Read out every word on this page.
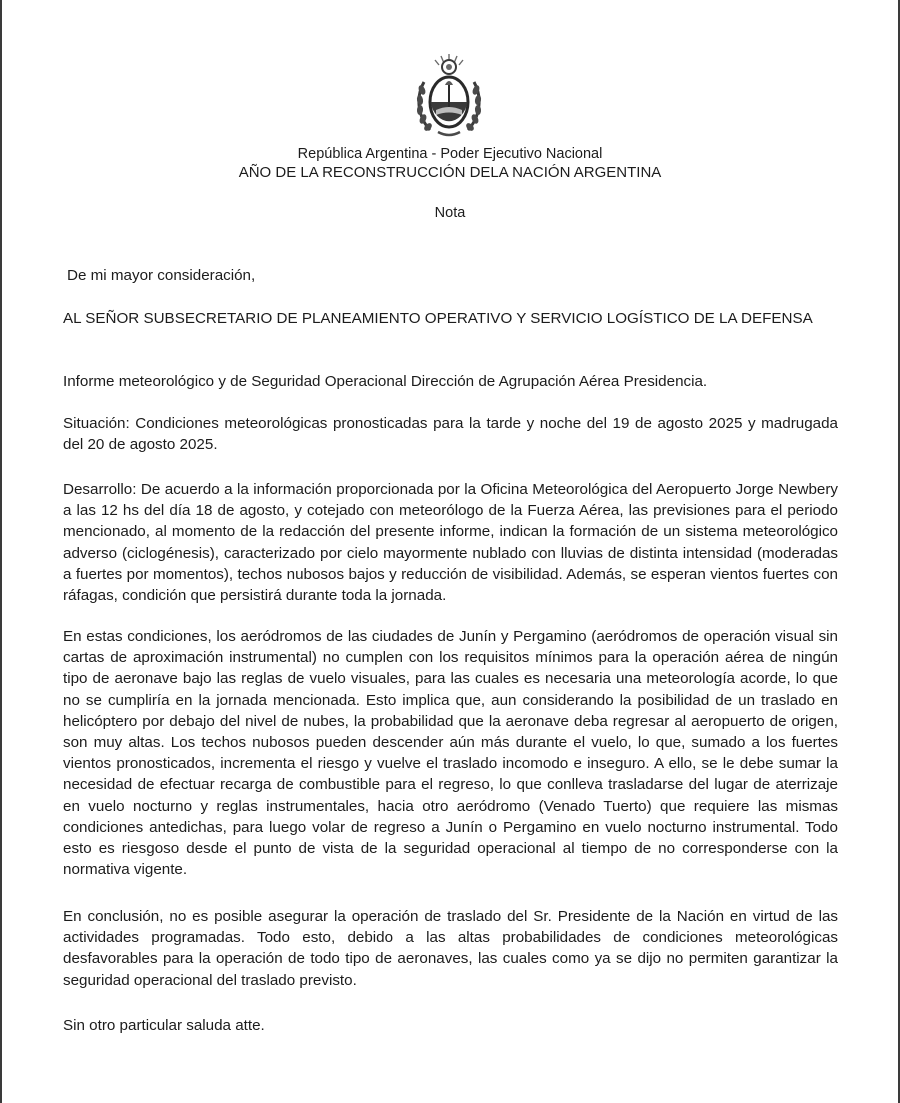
República Argentina - Poder Ejecutivo Nacional
AÑO DE LA RECONSTRUCCIÓN DELA NACIÓN ARGENTINA
Nota
De mi mayor consideración,
AL SEÑOR SUBSECRETARIO DE PLANEAMIENTO OPERATIVO Y SERVICIO LOGÍSTICO DE LA DEFENSA
Informe meteorológico y de Seguridad Operacional Dirección de Agrupación Aérea Presidencia.
Situación: Condiciones meteorológicas pronosticadas para la tarde y noche del 19 de agosto 2025 y madrugada del 20 de agosto 2025.
Desarrollo: De acuerdo a la información proporcionada por la Oficina Meteorológica del Aeropuerto Jorge Newbery a las 12 hs del día 18 de agosto, y cotejado con meteorólogo de la Fuerza Aérea, las previsiones para el periodo mencionado, al momento de la redacción del presente informe, indican la formación de un sistema meteorológico adverso (ciclogénesis), caracterizado por cielo mayormente nublado con lluvias de distinta intensidad (moderadas a fuertes por momentos), techos nubosos bajos y reducción de visibilidad. Además, se esperan vientos fuertes con ráfagas, condición que persistirá durante toda la jornada.
En estas condiciones, los aeródromos de las ciudades de Junín y Pergamino (aeródromos de operación visual sin cartas de aproximación instrumental) no cumplen con los requisitos mínimos para la operación aérea de ningún tipo de aeronave bajo las reglas de vuelo visuales, para las cuales es necesaria una meteorología acorde, lo que no se cumpliría en la jornada mencionada. Esto implica que, aun considerando la posibilidad de un traslado en helicóptero por debajo del nivel de nubes, la probabilidad que la aeronave deba regresar al aeropuerto de origen, son muy altas. Los techos nubosos pueden descender aún más durante el vuelo, lo que, sumado a los fuertes vientos pronosticados, incrementa el riesgo y vuelve el traslado incomodo e inseguro. A ello, se le debe sumar la necesidad de efectuar recarga de combustible para el regreso, lo que conlleva trasladarse del lugar de aterrizaje en vuelo nocturno y reglas instrumentales, hacia otro aeródromo (Venado Tuerto) que requiere las mismas condiciones antedichas, para luego volar de regreso a Junín o Pergamino en vuelo nocturno instrumental. Todo esto es riesgoso desde el punto de vista de la seguridad operacional al tiempo de no corresponderse con la normativa vigente.
En conclusión, no es posible asegurar la operación de traslado del Sr. Presidente de la Nación en virtud de las actividades programadas. Todo esto, debido a las altas probabilidades de condiciones meteorológicas desfavorables para la operación de todo tipo de aeronaves, las cuales como ya se dijo no permiten garantizar la seguridad operacional del traslado previsto.
Sin otro particular saluda atte.
